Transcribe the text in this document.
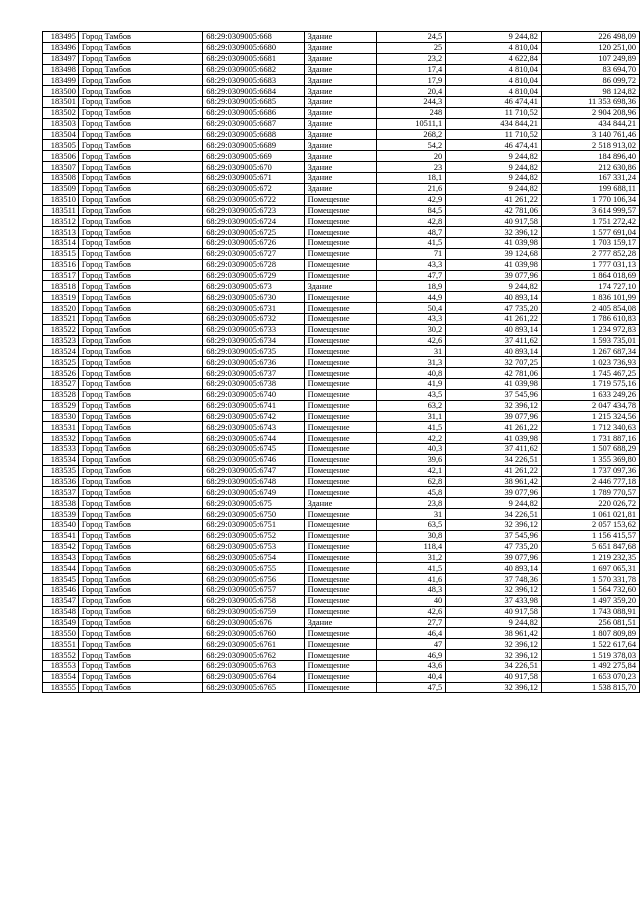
183495	Город Тамбов	68:29:0309005:668	Здание	24,5	9 244,82	226 498,09
183496	Город Тамбов	68:29:0309005:6680	Здание	25	4 810,04	120 251,00
183497	Город Тамбов	68:29:0309005:6681	Здание	23,2	4 622,84	107 249,89
183498	Город Тамбов	68:29:0309005:6682	Здание	17,4	4 810,04	83 694,70
183499	Город Тамбов	68:29:0309005:6683	Здание	17,9	4 810,04	86 099,72
183500	Город Тамбов	68:29:0309005:6684	Здание	20,4	4 810,04	98 124,82
183501	Город Тамбов	68:29:0309005:6685	Здание	244,3	46 474,41	11 353 698,36
183502	Город Тамбов	68:29:0309005:6686	Здание	248	11 710,52	2 904 208,96
183503	Город Тамбов	68:29:0309005:6687	Здание	10511,1	434 844,21	434 844,21
183504	Город Тамбов	68:29:0309005:6688	Здание	268,2	11 710,52	3 140 761,46
183505	Город Тамбов	68:29:0309005:6689	Здание	54,2	46 474,41	2 518 913,02
183506	Город Тамбов	68:29:0309005:669	Здание	20	9 244,82	184 896,40
183507	Город Тамбов	68:29:0309005:670	Здание	23	9 244,82	212 630,86
183508	Город Тамбов	68:29:0309005:671	Здание	18,1	9 244,82	167 331,24
183509	Город Тамбов	68:29:0309005:672	Здание	21,6	9 244,82	199 688,11
183510	Город Тамбов	68:29:0309005:6722	Помещение	42,9	41 261,22	1 770 106,34
183511	Город Тамбов	68:29:0309005:6723	Помещение	84,5	42 781,06	3 614 999,57
183512	Город Тамбов	68:29:0309005:6724	Помещение	42,8	40 917,58	1 751 272,42
183513	Город Тамбов	68:29:0309005:6725	Помещение	48,7	32 396,12	1 577 691,04
183514	Город Тамбов	68:29:0309005:6726	Помещение	41,5	41 039,98	1 703 159,17
183515	Город Тамбов	68:29:0309005:6727	Помещение	71	39 124,68	2 777 852,28
183516	Город Тамбов	68:29:0309005:6728	Помещение	43,3	41 039,98	1 777 031,13
183517	Город Тамбов	68:29:0309005:6729	Помещение	47,7	39 077,96	1 864 018,69
183518	Город Тамбов	68:29:0309005:673	Здание	18,9	9 244,82	174 727,10
183519	Город Тамбов	68:29:0309005:6730	Помещение	44,9	40 893,14	1 836 101,99
183520	Город Тамбов	68:29:0309005:6731	Помещение	50,4	47 735,20	2 405 854,08
183521	Город Тамбов	68:29:0309005:6732	Помещение	43,3	41 261,22	1 786 610,83
183522	Город Тамбов	68:29:0309005:6733	Помещение	30,2	40 893,14	1 234 972,83
183523	Город Тамбов	68:29:0309005:6734	Помещение	42,6	37 411,62	1 593 735,01
183524	Город Тамбов	68:29:0309005:6735	Помещение	31	40 893,14	1 267 687,34
183525	Город Тамбов	68:29:0309005:6736	Помещение	31,3	32 707,25	1 023 736,93
183526	Город Тамбов	68:29:0309005:6737	Помещение	40,8	42 781,06	1 745 467,25
183527	Город Тамбов	68:29:0309005:6738	Помещение	41,9	41 039,98	1 719 575,16
183528	Город Тамбов	68:29:0309005:6740	Помещение	43,5	37 545,96	1 633 249,26
183529	Город Тамбов	68:29:0309005:6741	Помещение	63,2	32 396,12	2 047 434,78
183530	Город Тамбов	68:29:0309005:6742	Помещение	31,1	39 077,96	1 215 324,56
183531	Город Тамбов	68:29:0309005:6743	Помещение	41,5	41 261,22	1 712 340,63
183532	Город Тамбов	68:29:0309005:6744	Помещение	42,2	41 039,98	1 731 887,16
183533	Город Тамбов	68:29:0309005:6745	Помещение	40,3	37 411,62	1 507 688,29
183534	Город Тамбов	68:29:0309005:6746	Помещение	39,6	34 226,51	1 355 369,80
183535	Город Тамбов	68:29:0309005:6747	Помещение	42,1	41 261,22	1 737 097,36
183536	Город Тамбов	68:29:0309005:6748	Помещение	62,8	38 961,42	2 446 777,18
183537	Город Тамбов	68:29:0309005:6749	Помещение	45,8	39 077,96	1 789 770,57
183538	Город Тамбов	68:29:0309005:675	Здание	23,8	9 244,82	220 026,72
183539	Город Тамбов	68:29:0309005:6750	Помещение	31	34 226,51	1 061 021,81
183540	Город Тамбов	68:29:0309005:6751	Помещение	63,5	32 396,12	2 057 153,62
183541	Город Тамбов	68:29:0309005:6752	Помещение	30,8	37 545,96	1 156 415,57
183542	Город Тамбов	68:29:0309005:6753	Помещение	118,4	47 735,20	5 651 847,68
183543	Город Тамбов	68:29:0309005:6754	Помещение	31,2	39 077,96	1 219 232,35
183544	Город Тамбов	68:29:0309005:6755	Помещение	41,5	40 893,14	1 697 065,31
183545	Город Тамбов	68:29:0309005:6756	Помещение	41,6	37 748,36	1 570 331,78
183546	Город Тамбов	68:29:0309005:6757	Помещение	48,3	32 396,12	1 564 732,60
183547	Город Тамбов	68:29:0309005:6758	Помещение	40	37 433,98	1 497 359,20
183548	Город Тамбов	68:29:0309005:6759	Помещение	42,6	40 917,58	1 743 088,91
183549	Город Тамбов	68:29:0309005:676	Здание	27,7	9 244,82	256 081,51
183550	Город Тамбов	68:29:0309005:6760	Помещение	46,4	38 961,42	1 807 809,89
183551	Город Тамбов	68:29:0309005:6761	Помещение	47	32 396,12	1 522 617,64
183552	Город Тамбов	68:29:0309005:6762	Помещение	46,9	32 396,12	1 519 378,03
183553	Город Тамбов	68:29:0309005:6763	Помещение	43,6	34 226,51	1 492 275,84
183554	Город Тамбов	68:29:0309005:6764	Помещение	40,4	40 917,58	1 653 070,23
183555	Город Тамбов	68:29:0309005:6765	Помещение	47,5	32 396,12	1 538 815,70
